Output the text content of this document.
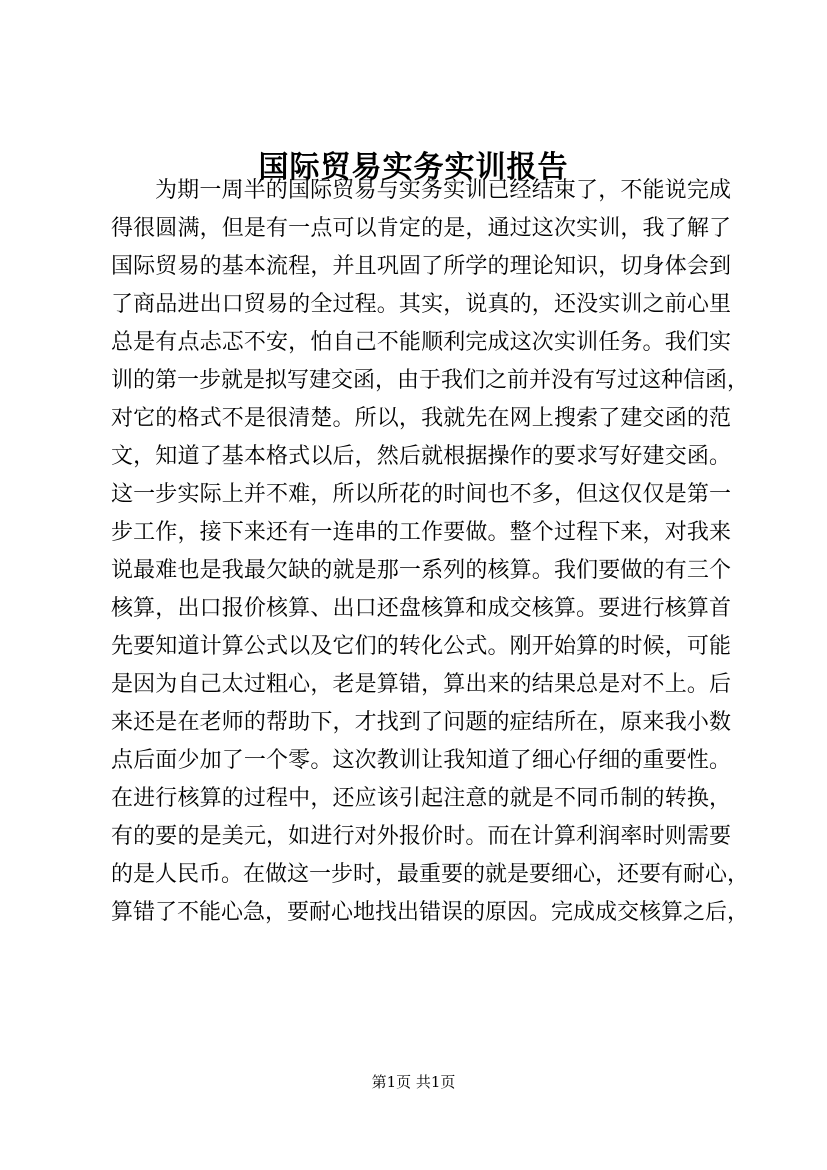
国际贸易实务实训报告
为期一周半的国际贸易与实务实训已经结束了，不能说完成
得很圆满，但是有一点可以肯定的是，通过这次实训，我了解了
国际贸易的基本流程，并且巩固了所学的理论知识，切身体会到
了商品进出口贸易的全过程。其实，说真的，还没实训之前心里
总是有点忐忑不安，怕自己不能顺利完成这次实训任务。我们实
训的第一步就是拟写建交函，由于我们之前并没有写过这种信函，
对它的格式不是很清楚。所以，我就先在网上搜索了建交函的范
文，知道了基本格式以后，然后就根据操作的要求写好建交函。
这一步实际上并不难，所以所花的时间也不多，但这仅仅是第一
步工作，接下来还有一连串的工作要做。整个过程下来，对我来
说最难也是我最欠缺的就是那一系列的核算。我们要做的有三个
核算，出口报价核算、出口还盘核算和成交核算。要进行核算首
先要知道计算公式以及它们的转化公式。刚开始算的时候，可能
是因为自己太过粗心，老是算错，算出来的结果总是对不上。后
来还是在老师的帮助下，才找到了问题的症结所在，原来我小数
点后面少加了一个零。这次教训让我知道了细心仔细的重要性。
在进行核算的过程中，还应该引起注意的就是不同币制的转换，
有的要的是美元，如进行对外报价时。而在计算利润率时则需要
的是人民币。在做这一步时，最重要的就是要细心，还要有耐心，
算错了不能心急，要耐心地找出错误的原因。完成成交核算之后，
第1页 共1页
